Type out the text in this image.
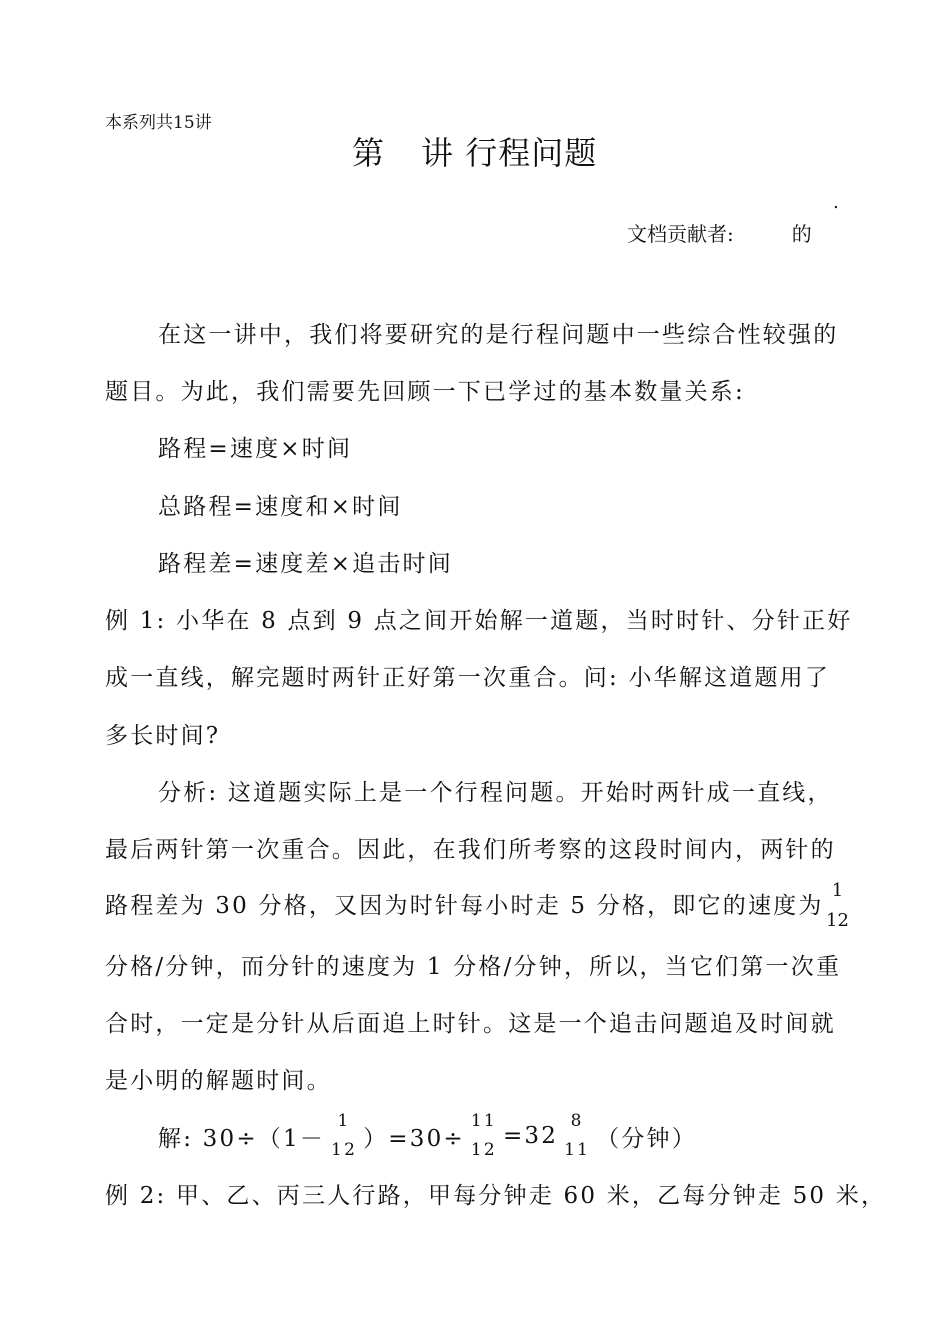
本系列共15讲
第 讲 行程问题
.
文档贡献者:	的
在这一讲中，我们将要研究的是行程问题中一些综合性较强的
题目。为此，我们需要先回顾一下已学过的基本数量关系:
路程=速度×时间
总路程=速度和×时间
路程差=速度差×追击时间
例 1: 小华在 8 点到 9 点之间开始解一道题，当时时针、分针正好
成一直线，解完题时两针正好第一次重合。问: 小华解这道题用了
多长时间?
分析: 这道题实际上是一个行程问题。开始时两针成一直线，
最后两针第一次重合。因此，在我们所考察的这段时间内，两针的
路程差为 30 分格，又因为时针每小时走 5 分格，即它的速度为
1
12
分格/分钟，而分针的速度为 1 分格/分钟，所以，当它们第一次重
合时，一定是分针从后面追上时针。这是一个追击问题追及时间就
是小明的解题时间。
解: 30÷（1－
1
12 ）=30÷
11
12
=32
8
11 （分钟）
例 2: 甲、乙、丙三人行路，甲每分钟走 60 米，乙每分钟走 50 米，
